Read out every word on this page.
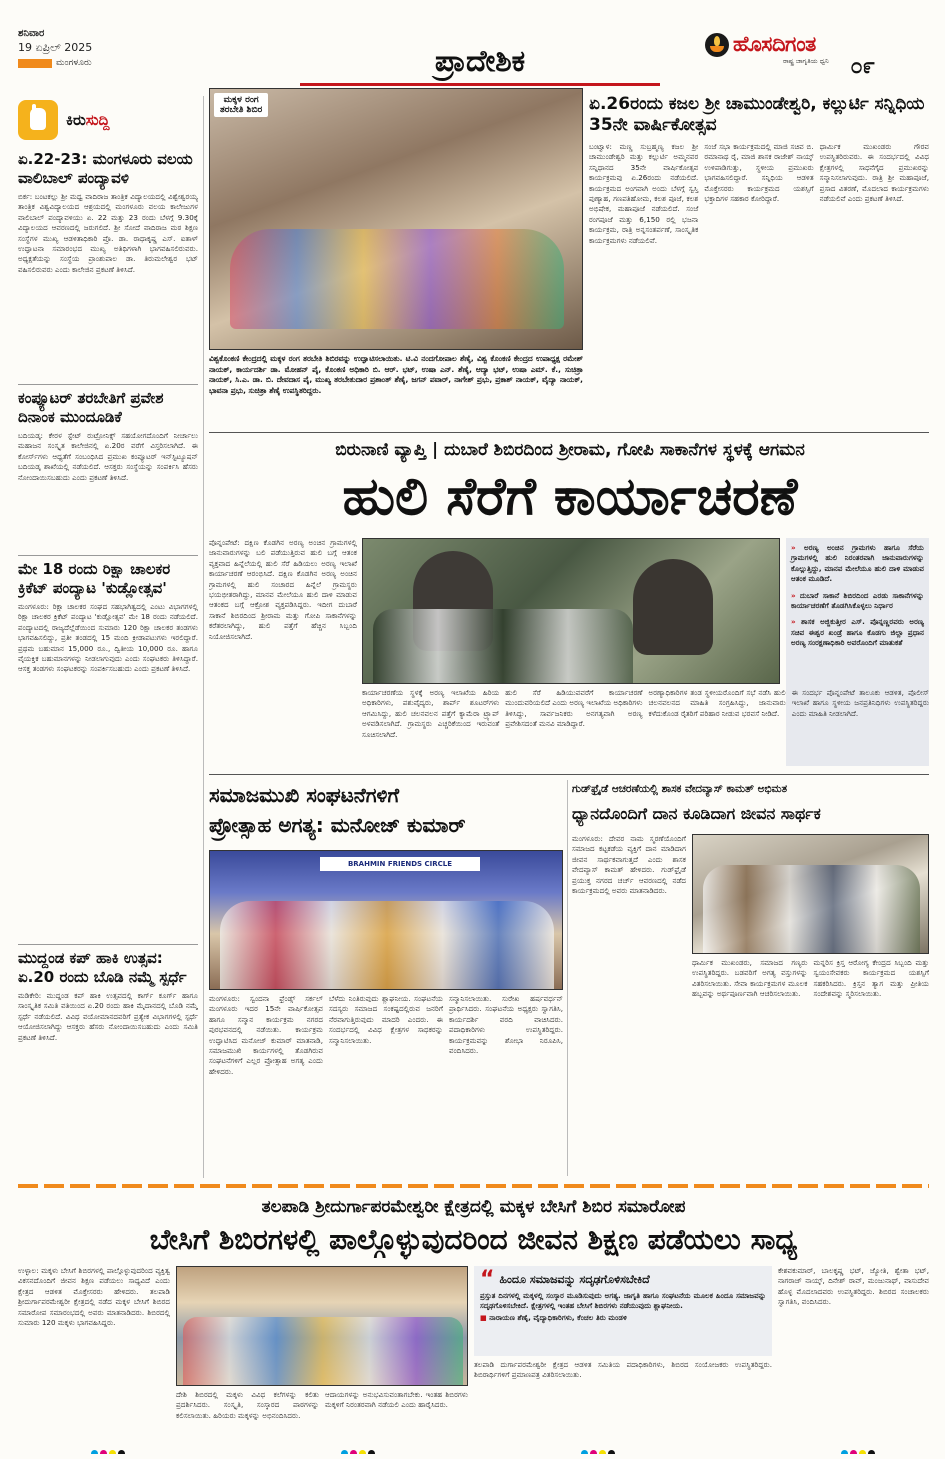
ಶನಿವಾರ
19 ಏಪ್ರಿಲ್ 2025
ಮಂಗಳೂರು	ಪ್ರಾದೇಶಿಕ	ಹೊಸದಿಗಂತ
ರಾಷ್ಟ್ರ ಜಾಗೃತಿಯ ಧ್ವನಿ ೦೯
ಕಿರುಸುದ್ದಿ
ಏ.22-23: ಮಂಗಳೂರು ವಲಯ ವಾಲಿಬಾಲ್ ಪಂದ್ಯಾವಳಿ
ಬಿರ್ಕ: ಬಂಟಕಲ್ಲು ಶ್ರೀ ಮಧ್ವ ವಾದಿರಾಜ ತಾಂತ್ರಿಕ ವಿದ್ಯಾಲಯದಲ್ಲಿ ವಿಶ್ವೇಶ್ವರಯ್ಯ ತಾಂತ್ರಿಕ ವಿಶ್ವವಿದ್ಯಾಲಯದ ಆಶ್ರಯದಲ್ಲಿ ಮಂಗಳೂರು ವಲಯ ಕಾಲೇಜುಗಳ ವಾಲಿಬಾಲ್ ಪಂದ್ಯಾವಳಿಯು ಏ. 22 ಮತ್ತು 23 ರಂದು ಬೆಳಗ್ಗೆ 9.30ಕ್ಕೆ ವಿದ್ಯಾಲಯದ ಆವರಣದಲ್ಲಿ ಜರುಗಲಿದೆ. ಶ್ರೀ ಸೋದೆ ವಾದಿರಾಜ ಮಠ ಶಿಕ್ಷಣ ಸಂಸ್ಥೆಗಳ ಮುಖ್ಯ ಆಡಳಿತಾಧಿಕಾರಿ ಪ್ರೊ. ಡಾ. ರಾಧಾಕೃಷ್ಣ ಎಸ್. ಐತಾಳ್ ಉದ್ಘಾಟನಾ ಸಮಾರಂಭದ ಮುಖ್ಯ ಅತಿಥಿಗಳಾಗಿ ಭಾಗವಹಿಸಲಿರುವರು. ಅಧ್ಯಕ್ಷತೆಯನ್ನು ಸಂಸ್ಥೆಯ ಪ್ರಾಂಶುಪಾಲ ಡಾ. ತಿರುಮಲೇಶ್ವರ ಭಟ್ ವಹಿಸಲಿರುವರು ಎಂದು ಕಾಲೇಜಿನ ಪ್ರಕಟಣೆ ತಿಳಿಸಿದೆ.
ಕಂಪ್ಯೂಟರ್ ತರಬೇತಿಗೆ ಪ್ರವೇಶ ದಿನಾಂಕ ಮುಂದೂಡಿಕೆ
ಬದಿಯಡ್ಕ: ಕೇರಳ ಸ್ಟೇಟ್ ರುಟ್ರೋನಿಕ್ಸ್ ಸಹಯೋಗದೊಂದಿಗೆ ನೀರ್ಚಾಲು ಮಹಾಜನ ಸಂಸ್ಕೃತ ಕಾಲೇಜಿನಲ್ಲಿ ಏ.20ರ ವರೆಗೆ ವಿಸ್ತರಿಸಲಾಗಿದೆ. ಈ ಕೋರ್ಸ್‌ಗಳು ಆಧ್ಯತೆಗೆ ಸಂಬಂಧಿಸಿದ ಪ್ರಮುಖ ಕಂಪ್ಯೂಟರ್ ಇನ್‌ಸ್ಟಿಟ್ಯೂಷನ್ ಬದಿಯಡ್ಕ ಶಾಖೆಯಲ್ಲಿ ನಡೆಯಲಿದೆ. ಆಸಕ್ತರು ಸಂಸ್ಥೆಯನ್ನು ಸಂಪರ್ಕಿಸಿ ಹೆಸರು ನೋಂದಾಯಿಸಬಹುದು ಎಂದು ಪ್ರಕಟಣೆ ತಿಳಿಸಿದೆ.
ಮೇ 18 ರಂದು ರಿಕ್ಷಾ ಚಾಲಕರ ಕ್ರಿಕೆಟ್ ಪಂದ್ಯಾಟ 'ಕುಡ್ಲೋತ್ಸವ'
ಮಂಗಳೂರು: ರಿಕ್ಷಾ ಚಾಲಕರ ಸಂಘದ ಸಹಭಾಗಿತ್ವದಲ್ಲಿ ಎಂಟು ವಿಭಾಗಗಳಲ್ಲಿ ರಿಕ್ಷಾ ಚಾಲಕರ ಕ್ರಿಕೆಟ್ ಪಂದ್ಯಾಟ 'ಕುಡ್ಲೋತ್ಸವ' ಮೇ 18 ರಂದು ನಡೆಯಲಿದೆ. ಪಂದ್ಯಾಟದಲ್ಲಿ ರಾಜ್ಯದೆಲ್ಲೆಡೆಯಿಂದ ಸುಮಾರು 120 ರಿಕ್ಷಾ ಚಾಲಕರ ತಂಡಗಳು ಭಾಗವಹಿಸಲಿದ್ದು, ಪ್ರತೀ ತಂಡದಲ್ಲಿ 15 ಮಂದಿ ಕ್ರೀಡಾಪಟುಗಳು ಇರಲಿದ್ದಾರೆ. ಪ್ರಥಮ ಬಹುಮಾನ 15,000 ರೂ., ದ್ವಿತೀಯ 10,000 ರೂ. ಹಾಗೂ ವೈಯಕ್ತಿಕ ಬಹುಮಾನಗಳನ್ನು ನೀಡಲಾಗುವುದು ಎಂದು ಸಂಘಟಕರು ತಿಳಿಸಿದ್ದಾರೆ. ಆಸಕ್ತ ತಂಡಗಳು ಸಂಘಟಕರನ್ನು ಸಂಪರ್ಕಿಸಬಹುದು ಎಂದು ಪ್ರಕಟಣೆ ತಿಳಿಸಿದೆ.
ಮುದ್ದಂಡ ಕಪ್ ಹಾಕಿ ಉತ್ಸವ: ಏ.20 ರಂದು ಬೊಡಿ ನಮ್ಮೆ ಸ್ಪರ್ಧೆ
ಮಡಿಕೇರಿ: ಮುದ್ದಂಡ ಕಪ್ ಹಾಕಿ ಉತ್ಸವದಲ್ಲಿ ಕಾರ್ಗ್ ಕೂರ್ಗ್ ಹಾಗೂ ಸಾಂಸ್ಕೃತಿಕ ಸಮಿತಿ ವತಿಯಿಂದ ಏ.20 ರಂದು ಹಾಕಿ ಮೈದಾನದಲ್ಲಿ ಬೊಡಿ ನಮ್ಮೆ ಸ್ಪರ್ಧೆ ನಡೆಯಲಿದೆ. ವಿವಿಧ ವಯೋಮಾನದವರಿಗೆ ಪ್ರತ್ಯೇಕ ವಿಭಾಗಗಳಲ್ಲಿ ಸ್ಪರ್ಧೆ ಆಯೋಜಿಸಲಾಗಿದ್ದು ಆಸಕ್ತರು ಹೆಸರು ನೋಂದಾಯಿಸಬಹುದು ಎಂದು ಸಮಿತಿ ಪ್ರಕಟಣೆ ತಿಳಿಸಿದೆ.
ಮಕ್ಕಳ ರಂಗ
ತರಬೇತಿ ಶಿಬಿರ
ವಿಶ್ವಕೊಂಕಣಿ ಕೇಂದ್ರದಲ್ಲಿ ಮಕ್ಕಳ ರಂಗ ತರಬೇತಿ ಶಿಬಿರವನ್ನು ಉದ್ಘಾಟಿಸಲಾಯಿತು. ಟಿ.ವಿ ನಂದಗೋಪಾಲ ಶೆಣೈ, ವಿಶ್ವ ಕೊಂಕಣಿ ಕೇಂದ್ರದ ಉಪಾಧ್ಯಕ್ಷ ರಮೇಶ್ ನಾಯಕ್, ಕಾರ್ಯದರ್ಶಿ ಡಾ. ಮೋಹನ್ ಪೈ, ಕೊಂಕಣಿ ಅಧಿಕಾರಿ ಬಿ. ಆರ್. ಭಟ್, ಉಷಾ ಎನ್. ಶೆಣೈ, ಆದ್ಯಾ ಭಟ್, ಉಷಾ ಎಮ್. ಕೆ., ಸುಚಿತ್ರಾ ನಾಯಕ್, ಸಿ.ಎ. ಡಾ. ಬಿ. ದೇವದಾಸ ಪೈ, ಮುಖ್ಯ ತರಬೇತುದಾರ ಪ್ರಶಾಂತ್ ಶೆಣೈ, ಜಗನ್ ಪವಾರ್, ನಾಗೇಶ್ ಪ್ರಭು, ಪ್ರಕಾಶ್ ನಾಯಕ್, ವೈದ್ಯಾ ನಾಯಕ್, ಭಾವನಾ ಪ್ರಭು, ಸುಚಿತ್ರಾ ಶೆಣೈ ಉಪಸ್ಥಿತರಿದ್ದರು.
ಏ.26ರಂದು ಕಜಲ ಶ್ರೀ ಚಾಮುಂಡೇಶ್ವರಿ, ಕಲ್ಲುರ್ಟಿ ಸನ್ನಿಧಿಯ 35ನೇ ವಾರ್ಷಿಕೋತ್ಸವ
ಬಂಟ್ವಾಳ: ಮಣ್ಣ ಸುಬ್ರಹ್ಮಣ್ಯ ಕಜಲ ಶ್ರೀ ಚಾಮುಂಡೇಶ್ವರಿ ಮತ್ತು ಕಲ್ಲುರ್ಟಿ ಅಮ್ಮನವರ ಸನ್ನಿಧಾನದ 35ನೇ ವಾರ್ಷಿಕೋತ್ಸವ ಕಾರ್ಯಕ್ರಮವು ಏ.26ರಂದು ನಡೆಯಲಿದೆ. ಕಾರ್ಯಕ್ರಮದ ಅಂಗವಾಗಿ ಅಂದು ಬೆಳಗ್ಗೆ ಸ್ವಸ್ತಿ ಪುಣ್ಯಾಹ, ಗಣಪತಿಹೋಮ, ಕಲಶ ಪೂಜೆ, ಕಲಶ ಅಭಿಷೇಕ, ಮಹಾಪೂಜೆ ನಡೆಯಲಿದೆ. ಸಂಜೆ ರಂಗಪೂಜೆ ಮತ್ತು 6,150 ರಲ್ಲಿ ಭಜನಾ ಕಾರ್ಯಕ್ರಮ, ರಾತ್ರಿ ಅನ್ನಸಂತರ್ಪಣೆ, ಸಾಂಸ್ಕೃತಿಕ ಕಾರ್ಯಕ್ರಮಗಳು ನಡೆಯಲಿವೆ.
ಸಂಜೆ ಸಭಾ ಕಾರ್ಯಕ್ರಮದಲ್ಲಿ ಮಾಜಿ ಸಚಿವ ಬಿ. ರಮಾನಾಥ ರೈ, ಮಾಜಿ ಶಾಸಕ ರಾಜೇಶ್ ನಾಯ್ಕ್ ಉಳಿಪಾಡಿಗುತ್ತು, ಸ್ಥಳೀಯ ಪ್ರಮುಖರು ಭಾಗವಹಿಸಲಿದ್ದಾರೆ. ಸನ್ನಿಧಿಯ ಆಡಳಿತ ಮೊಕ್ತೇಸರರು ಕಾರ್ಯಕ್ರಮದ ಯಶಸ್ಸಿಗೆ ಭಕ್ತಾದಿಗಳ ಸಹಕಾರ ಕೋರಿದ್ದಾರೆ.
ಧಾರ್ಮಿಕ ಮುಖಂಡರು ಗೌರವ ಉಪಸ್ಥಿತರಿರುವರು. ಈ ಸಂದರ್ಭದಲ್ಲಿ ವಿವಿಧ ಕ್ಷೇತ್ರಗಳಲ್ಲಿ ಸಾಧನೆಗೈದ ಪ್ರಮುಖರನ್ನು ಸನ್ಮಾನಿಸಲಾಗುವುದು. ರಾತ್ರಿ ಶ್ರೀ ಮಹಾಪೂಜೆ, ಪ್ರಸಾದ ವಿತರಣೆ, ಮೊದಲಾದ ಕಾರ್ಯಕ್ರಮಗಳು ನಡೆಯಲಿವೆ ಎಂದು ಪ್ರಕಟಣೆ ತಿಳಿಸಿದೆ.
ಬಿರುನಾಣಿ ವ್ಯಾಪ್ತಿ | ದುಬಾರೆ ಶಿಬಿರದಿಂದ ಶ್ರೀರಾಮ, ಗೋಪಿ ಸಾಕಾನೆಗಳ ಸ್ಥಳಕ್ಕೆ ಆಗಮನ
ಹುಲಿ ಸೆರೆಗೆ ಕಾರ್ಯಾಚರಣೆ
ಪೊನ್ನಂಪೇಟೆ: ದಕ್ಷಿಣ ಕೊಡಗಿನ ಅರಣ್ಯ ಅಂಚಿನ ಗ್ರಾಮಗಳಲ್ಲಿ ಜಾನುವಾರುಗಳನ್ನು ಬಲಿ ಪಡೆಯುತ್ತಿರುವ ಹುಲಿ ಬಗ್ಗೆ ಆತಂಕ ವ್ಯಕ್ತವಾದ ಹಿನ್ನೆಲೆಯಲ್ಲಿ ಹುಲಿ ಸೆರೆ ಹಿಡಿಯಲು ಅರಣ್ಯ ಇಲಾಖೆ ಕಾರ್ಯಾಚರಣೆ ಆರಂಭಿಸಿದೆ. ದಕ್ಷಿಣ ಕೊಡಗಿನ ಅರಣ್ಯ ಅಂಚಿನ ಗ್ರಾಮಗಳಲ್ಲಿ ಹುಲಿ ಸಂಚಾರದ ಹಿನ್ನೆಲೆ ಗ್ರಾಮಸ್ಥರು ಭಯಭೀತರಾಗಿದ್ದು, ಮಾನವ ಮೇಲೆಯೂ ಹುಲಿ ದಾಳಿ ಮಾಡುವ ಆತಂಕದ ಬಗ್ಗೆ ಆಕ್ರೋಶ ವ್ಯಕ್ತಪಡಿಸಿದ್ದರು. ಇದೀಗ ದುಬಾರೆ ಸಾಕಾನೆ ಶಿಬಿರದಿಂದ ಶ್ರೀರಾಮ ಮತ್ತು ಗೋಪಿ ಸಾಕಾನೆಗಳನ್ನು ಕರೆತರಲಾಗಿದ್ದು, ಹುಲಿ ಪತ್ತೆಗೆ ಹೆಚ್ಚಿನ ಸಿಬ್ಬಂದಿ ನಿಯೋಜಿಸಲಾಗಿದೆ.
» ಅರಣ್ಯ ಅಂಚಿನ ಗ್ರಾಮಗಳು ಹಾಗೂ ಸೆರೆಯ ಗ್ರಾಮಗಳಲ್ಲಿ ಹುಲಿ ನಿರಂತರವಾಗಿ ಜಾನುವಾರುಗಳನ್ನು ಕೊಲ್ಲುತ್ತಿದ್ದು, ಮಾನವ ಮೇಲೆಯೂ ಹುಲಿ ದಾಳಿ ಮಾಡುವ ಆತಂಕ ಮೂಡಿದೆ.
» ದುಬಾರೆ ಸಾಕಾನೆ ಶಿಬಿರದಿಂದ ಎರಡು ಸಾಕಾನೆಗಳನ್ನು ಕಾರ್ಯಾಚರಣೆಗೆ ತೊಡಗಿಸಿಕೊಳ್ಳಲು ನಿರ್ಧಾರ
» ಶಾಸಕ ಅಜ್ಜಿಕುತ್ತೀರ ಎಸ್. ಪೊನ್ನಣ್ಣರವರು ಅರಣ್ಯ ಸಚಿವ ಈಶ್ವರ ಖಂಡ್ರೆ ಹಾಗೂ ಕೊಡಗು ಜಿಲ್ಲಾ ಪ್ರಧಾನ ಅರಣ್ಯ ಸಂರಕ್ಷಣಾಧಿಕಾರಿ ಅವರೊಂದಿಗೆ ಮಾತುಕತೆ
ಕಾರ್ಯಾಚರಣೆಯ ಸ್ಥಳಕ್ಕೆ ಅರಣ್ಯ ಇಲಾಖೆಯ ಹಿರಿಯ ಅಧಿಕಾರಿಗಳು, ಪಶುವೈದ್ಯರು, ಶಾರ್ಪ್ ಶೂಟರ್‌ಗಳು ಆಗಮಿಸಿದ್ದು, ಹುಲಿ ಚಲನವಲನ ಪತ್ತೆಗೆ ಕ್ಯಾಮೆರಾ ಟ್ರ್ಯಾಪ್ ಅಳವಡಿಸಲಾಗಿದೆ. ಗ್ರಾಮಸ್ಥರು ಎಚ್ಚರಿಕೆಯಿಂದ ಇರುವಂತೆ ಸೂಚಿಸಲಾಗಿದೆ.
ಹುಲಿ ಸೆರೆ ಹಿಡಿಯುವವರೆಗೆ ಕಾರ್ಯಾಚರಣೆ ಮುಂದುವರಿಯಲಿದೆ ಎಂದು ಅರಣ್ಯ ಇಲಾಖೆಯ ಅಧಿಕಾರಿಗಳು ತಿಳಿಸಿದ್ದು, ಸಾರ್ವಜನಿಕರು ಅನಗತ್ಯವಾಗಿ ಅರಣ್ಯ ಪ್ರವೇಶಿಸದಂತೆ ಮನವಿ ಮಾಡಿದ್ದಾರೆ.
ಅರಣ್ಯಾಧಿಕಾರಿಗಳ ತಂಡ ಸ್ಥಳೀಯರೊಂದಿಗೆ ಸಭೆ ನಡೆಸಿ ಹುಲಿ ಚಲನವಲನದ ಮಾಹಿತಿ ಸಂಗ್ರಹಿಸಿದ್ದು, ಜಾನುವಾರು ಕಳೆದುಕೊಂಡ ರೈತರಿಗೆ ಪರಿಹಾರ ನೀಡುವ ಭರವಸೆ ನೀಡಿದೆ.
ಈ ಸಂದರ್ಭ ಪೊನ್ನಂಪೇಟೆ ತಾಲೂಕು ಆಡಳಿತ, ಪೊಲೀಸ್ ಇಲಾಖೆ ಹಾಗೂ ಸ್ಥಳೀಯ ಜನಪ್ರತಿನಿಧಿಗಳು ಉಪಸ್ಥಿತರಿದ್ದರು ಎಂದು ಮಾಹಿತಿ ನೀಡಲಾಗಿದೆ.
ಸಮಾಜಮುಖಿ ಸಂಘಟನೆಗಳಿಗೆ
ಪ್ರೋತ್ಸಾಹ ಅಗತ್ಯ: ಮನೋಜ್ ಕುಮಾರ್
BRAHMIN FRIENDS CIRCLE
ಮಂಗಳೂರು: ಸ್ವಂದನಾ ಫ್ರೆಂಡ್ಸ್ ಸರ್ಕಲ್ ಮಂಗಳೂರು ಇದರ 15ನೇ ವಾರ್ಷಿಕೋತ್ಸವ ಹಾಗೂ ಸನ್ಮಾನ ಕಾರ್ಯಕ್ರಮ ನಗರದ ಪುರಭವನದಲ್ಲಿ ನಡೆಯಿತು. ಕಾರ್ಯಕ್ರಮ ಉದ್ಘಾಟಿಸಿದ ಮನೋಜ್ ಕುಮಾರ್ ಮಾತನಾಡಿ, ಸಮಾಜಮುಖಿ ಕಾರ್ಯಗಳಲ್ಲಿ ತೊಡಗಿರುವ ಸಂಘಟನೆಗಳಿಗೆ ಎಲ್ಲರ ಪ್ರೋತ್ಸಾಹ ಅಗತ್ಯ ಎಂದು ಹೇಳಿದರು.
ಬೆಳೆದು ನಿಂತಿರುವುದು ಶ್ಲಾಘನೀಯ. ಸಂಘಟನೆಯ ಸದಸ್ಯರು ಸಮಾಜದ ಸಂಕಷ್ಟದಲ್ಲಿರುವ ಜನರಿಗೆ ನೆರವಾಗುತ್ತಿರುವುದು ಮಾದರಿ ಎಂದರು. ಈ ಸಂದರ್ಭದಲ್ಲಿ ವಿವಿಧ ಕ್ಷೇತ್ರಗಳ ಸಾಧಕರನ್ನು ಸನ್ಮಾನಿಸಲಾಯಿತು.
ಸನ್ಮಾನಿಸಲಾಯಿತು. ಸುರೇಖ ಹರ್ಷವರ್ಧನ್ ಪ್ರಾರ್ಥಿಸಿದರು. ಸಂಘಟನೆಯ ಅಧ್ಯಕ್ಷರು ಸ್ವಾಗತಿಸಿ, ಕಾರ್ಯದರ್ಶಿ ವರದಿ ವಾಚಿಸಿದರು. ಪದಾಧಿಕಾರಿಗಳು ಉಪಸ್ಥಿತರಿದ್ದರು. ಕಾರ್ಯಕ್ರಮವನ್ನು ಶೋಭಾ ನಿರೂಪಿಸಿ, ವಂದಿಸಿದರು.
ಗುಡ್‌ಫ್ರೈಡೆ ಆಚರಣೆಯಲ್ಲಿ ಶಾಸಕ ವೇದವ್ಯಾಸ್ ಕಾಮತ್ ಅಭಿಮತ
ಧ್ಯಾನದೊಂದಿಗೆ ದಾನ ಕೂಡಿದಾಗ ಜೀವನ ಸಾರ್ಥಕ
ಮಂಗಳೂರು: ದೇವರ ನಾಮ ಸ್ಮರಣೆಯೊಂದಿಗೆ ಸಮಾಜದ ಕಟ್ಟಕಡೆಯ ವ್ಯಕ್ತಿಗೆ ದಾನ ಮಾಡಿದಾಗ ಜೀವನ ಸಾರ್ಥಕವಾಗುತ್ತದೆ ಎಂದು ಶಾಸಕ ವೇದವ್ಯಾಸ್ ಕಾಮತ್ ಹೇಳಿದರು. ಗುಡ್‌ಫ್ರೈಡೆ ಪ್ರಯುಕ್ತ ನಗರದ ಚರ್ಚ್ ಆವರಣದಲ್ಲಿ ನಡೆದ ಕಾರ್ಯಕ್ರಮದಲ್ಲಿ ಅವರು ಮಾತನಾಡಿದರು.
ಧಾರ್ಮಿಕ ಮುಖಂಡರು, ಸಮಾಜದ ಗಣ್ಯರು ಉಪಸ್ಥಿತರಿದ್ದರು. ಬಡವರಿಗೆ ಅಗತ್ಯ ವಸ್ತುಗಳನ್ನು ವಿತರಿಸಲಾಯಿತು. ಸೇವಾ ಕಾರ್ಯಕ್ರಮಗಳ ಮೂಲಕ ಹಬ್ಬವನ್ನು ಅರ್ಥಪೂರ್ಣವಾಗಿ ಆಚರಿಸಲಾಯಿತು.
ಮನ್ನರಿಸ ಕ್ರಿಸ್ತ ಆರೋಗ್ಯ ಕೇಂದ್ರದ ಸಿಬ್ಬಂದಿ ಮತ್ತು ಸ್ವಯಂಸೇವಕರು ಕಾರ್ಯಕ್ರಮದ ಯಶಸ್ಸಿಗೆ ಸಹಕರಿಸಿದರು. ಕ್ರಿಸ್ತನ ತ್ಯಾಗ ಮತ್ತು ಪ್ರೀತಿಯ ಸಂದೇಶವನ್ನು ಸ್ಮರಿಸಲಾಯಿತು.
ತಲಪಾಡಿ ಶ್ರೀದುರ್ಗಾಪರಮೇಶ್ವರೀ ಕ್ಷೇತ್ರದಲ್ಲಿ ಮಕ್ಕಳ ಬೇಸಿಗೆ ಶಿಬಿರ ಸಮಾರೋಪ
ಬೇಸಿಗೆ ಶಿಬಿರಗಳಲ್ಲಿ ಪಾಲ್ಗೊಳ್ಳುವುದರಿಂದ ಜೀವನ ಶಿಕ್ಷಣ ಪಡೆಯಲು ಸಾಧ್ಯ
ಉಳ್ಳಾಲ: ಮಕ್ಕಳು ಬೇಸಿಗೆ ಶಿಬಿರಗಳಲ್ಲಿ ಪಾಲ್ಗೊಳ್ಳುವುದರಿಂದ ವ್ಯಕ್ತಿತ್ವ ವಿಕಸನದೊಂದಿಗೆ ಜೀವನ ಶಿಕ್ಷಣ ಪಡೆಯಲು ಸಾಧ್ಯವಿದೆ ಎಂದು ಕ್ಷೇತ್ರದ ಆಡಳಿತ ಮೊಕ್ತೇಸರರು ಹೇಳಿದರು. ತಲಪಾಡಿ ಶ್ರೀದುರ್ಗಾಪರಮೇಶ್ವರೀ ಕ್ಷೇತ್ರದಲ್ಲಿ ನಡೆದ ಮಕ್ಕಳ ಬೇಸಿಗೆ ಶಿಬಿರದ ಸಮಾರೋಪ ಸಮಾರಂಭದಲ್ಲಿ ಅವರು ಮಾತನಾಡಿದರು. ಶಿಬಿರದಲ್ಲಿ ಸುಮಾರು 120 ಮಕ್ಕಳು ಭಾಗವಹಿಸಿದ್ದರು.
ದೇಶಿ ಶಿಬಿರದಲ್ಲಿ ಮಕ್ಕಳು ವಿವಿಧ ಕಲೆಗಳನ್ನು ಕಲಿತು ಪ್ರದರ್ಶಿಸಿದರು. ಸಂಸ್ಕೃತಿ, ಸಂಸ್ಕಾರದ ಪಾಠಗಳನ್ನು ಕಲಿಸಲಾಯಿತು. ಹಿರಿಯರು ಮಕ್ಕಳನ್ನು ಅಭಿನಂದಿಸಿದರು.
ಆದಾಯಗಳನ್ನು ಅನುಭವಿಸುವಂತಾಗಬೇಕು. ಇಂತಹ ಶಿಬಿರಗಳು ಮಕ್ಕಳಿಗೆ ನಿರಂತರವಾಗಿ ನಡೆಯಲಿ ಎಂದು ಹಾರೈಸಿದರು.
“ ಹಿಂದೂ ಸಮಾಜವನ್ನು ಸದೃಢಗೊಳಿಸಬೇಕಿದೆ
ಪ್ರಸ್ತುತ ದಿನಗಳಲ್ಲಿ ಮಕ್ಕಳಲ್ಲಿ ಸಂಸ್ಕಾರ ಮೂಡಿಸುವುದು ಅಗತ್ಯ. ಜಾಗೃತಿ ಹಾಗೂ ಸಂಘಟನೆಯ ಮೂಲಕ ಹಿಂದೂ ಸಮಾಜವನ್ನು ಸದೃಢಗೊಳಿಸಬೇಕಿದೆ. ಕ್ಷೇತ್ರಗಳಲ್ಲಿ ಇಂತಹ ಬೇಸಿಗೆ ಶಿಬಿರಗಳು ನಡೆಯುವುದು ಶ್ಲಾಘನೀಯ.
■ ನಾರಾಯಣ ಶೆಣೈ, ವೈದ್ಯಾಧಿಕಾರಿಗಳು, ಕೆಂಚಲ ತಿರು ಮಂಡಳಿ
ತಲಪಾಡಿ ದುರ್ಗಾಪರಮೇಶ್ವರೀ ಕ್ಷೇತ್ರದ ಆಡಳಿತ ಸಮಿತಿಯ ಪದಾಧಿಕಾರಿಗಳು, ಶಿಬಿರದ ಸಂಯೋಜಕರು ಉಪಸ್ಥಿತರಿದ್ದರು. ಶಿಬಿರಾರ್ಥಿಗಳಿಗೆ ಪ್ರಮಾಣಪತ್ರ ವಿತರಿಸಲಾಯಿತು.
ಕೇಶವಕುಮಾರ್, ಬಾಲಕೃಷ್ಣ ಭಟ್, ಜ್ಯೋತಿ, ಶ್ವೇತಾ ಭಟ್, ನಾಗರಾಜ್ ನಾಯ್ಕ್, ದಿನೇಶ್ ರಾವ್, ಮಂಜುನಾಥ್, ವಾಸುದೇವ ಹೊಳ್ಳ ಮೊದಲಾದವರು ಉಪಸ್ಥಿತರಿದ್ದರು. ಶಿಬಿರದ ಸಂಚಾಲಕರು ಸ್ವಾಗತಿಸಿ, ವಂದಿಸಿದರು.
